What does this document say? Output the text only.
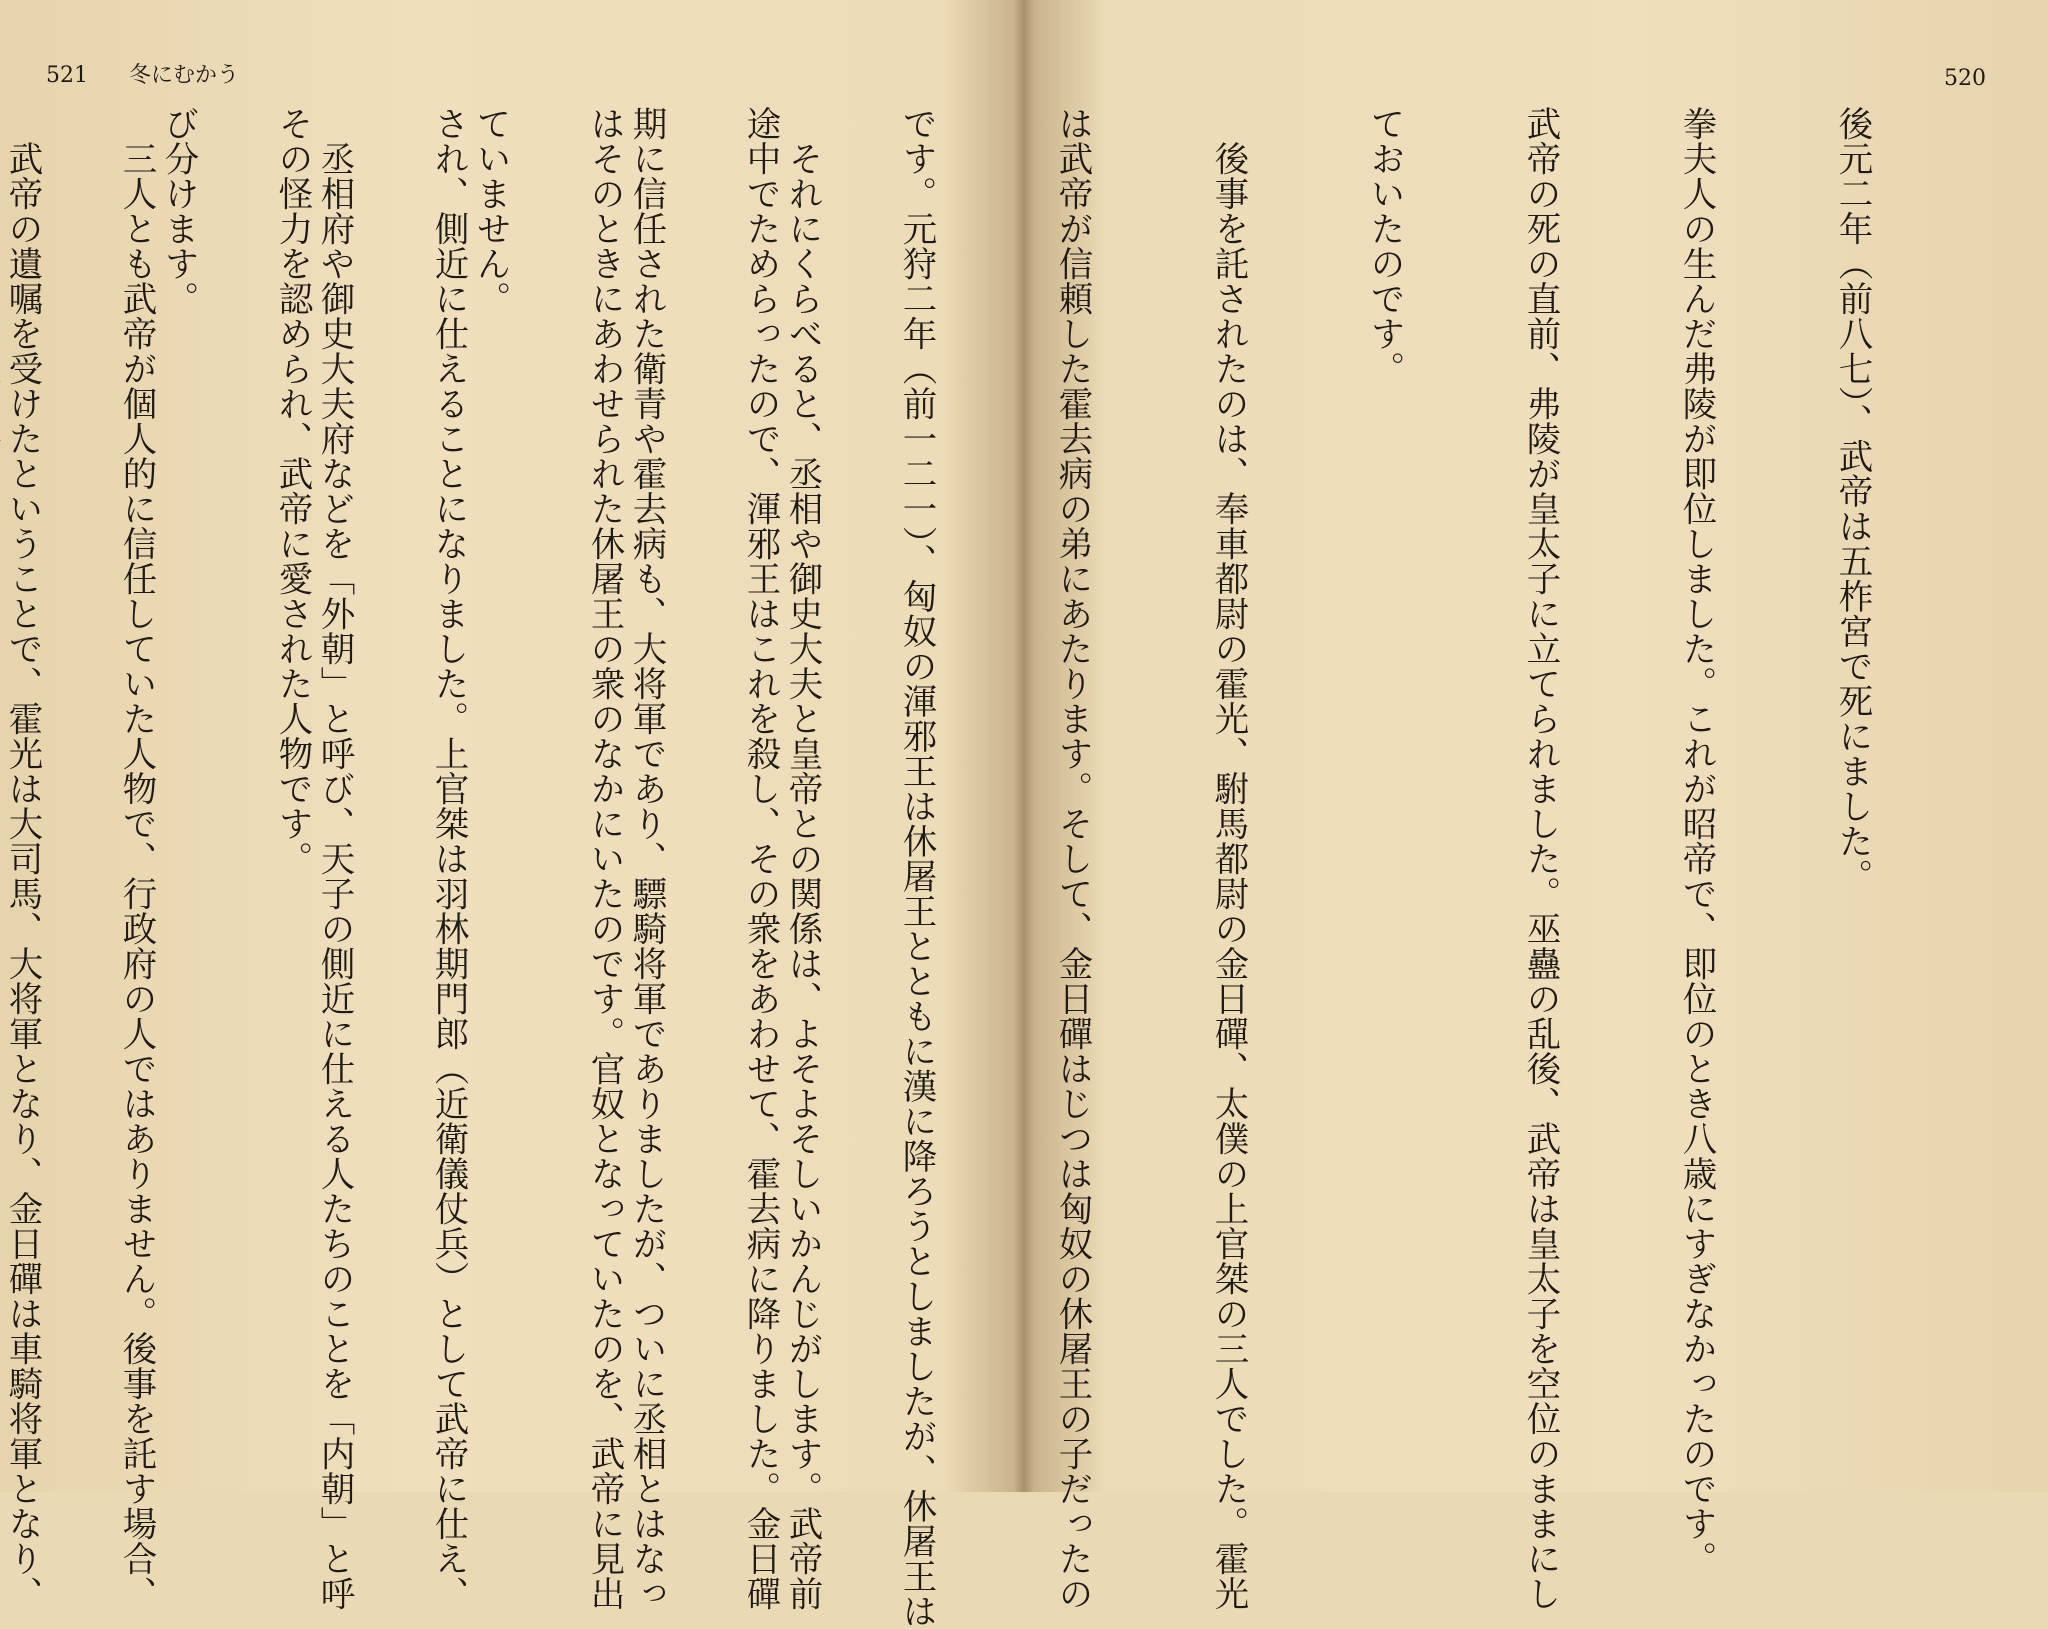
521 冬にむかう

　それにくらべると、丞相や御史大夫と皇帝との関係は、よそよそしいかんじがします。武帝前

期に信任された衛青や霍去病も、大将軍であり、驃騎将軍でありましたが、ついに丞相とはなっ

ていません。

　丞相府や御史大夫府などを「外朝」と呼び、天子の側近に仕える人たちのことを「内朝」と呼

び分けます。

　武帝の遺嘱を受けたということで、霍光は大司馬、大将軍となり、金日磾は車騎将軍となり、

520

後元二年（前八七）、武帝は五柞宮で死にました。

拳夫人の生んだ弗陵が即位しました。これが昭帝で、即位のとき八歳にすぎなかったのです。

武帝の死の直前、弗陵が皇太子に立てられました。巫蠱の乱後、武帝は皇太子を空位のままにし

ておいたのです。

　後事を託されたのは、奉車都尉の霍光、駙馬都尉の金日磾、太僕の上官桀の三人でした。霍光

は武帝が信頼した霍去病の弟にあたります。そして、金日磾はじつは匈奴の休屠王の子だったの

です。元狩二年（前一二一）、匈奴の渾邪王は休屠王とともに漢に降ろうとしましたが、休屠王は

途中でためらったので、渾邪王はこれを殺し、その衆をあわせて、霍去病に降りました。金日磾

はそのときにあわせられた休屠王の衆のなかにいたのです。官奴となっていたのを、武帝に見出

され、側近に仕えることになりました。上官桀は羽林期門郎（近衛儀仗兵）として武帝に仕え、

その怪力を認められ、武帝に愛された人物です。

　三人とも武帝が個人的に信任していた人物で、行政府の人ではありません。後事を託す場合、
